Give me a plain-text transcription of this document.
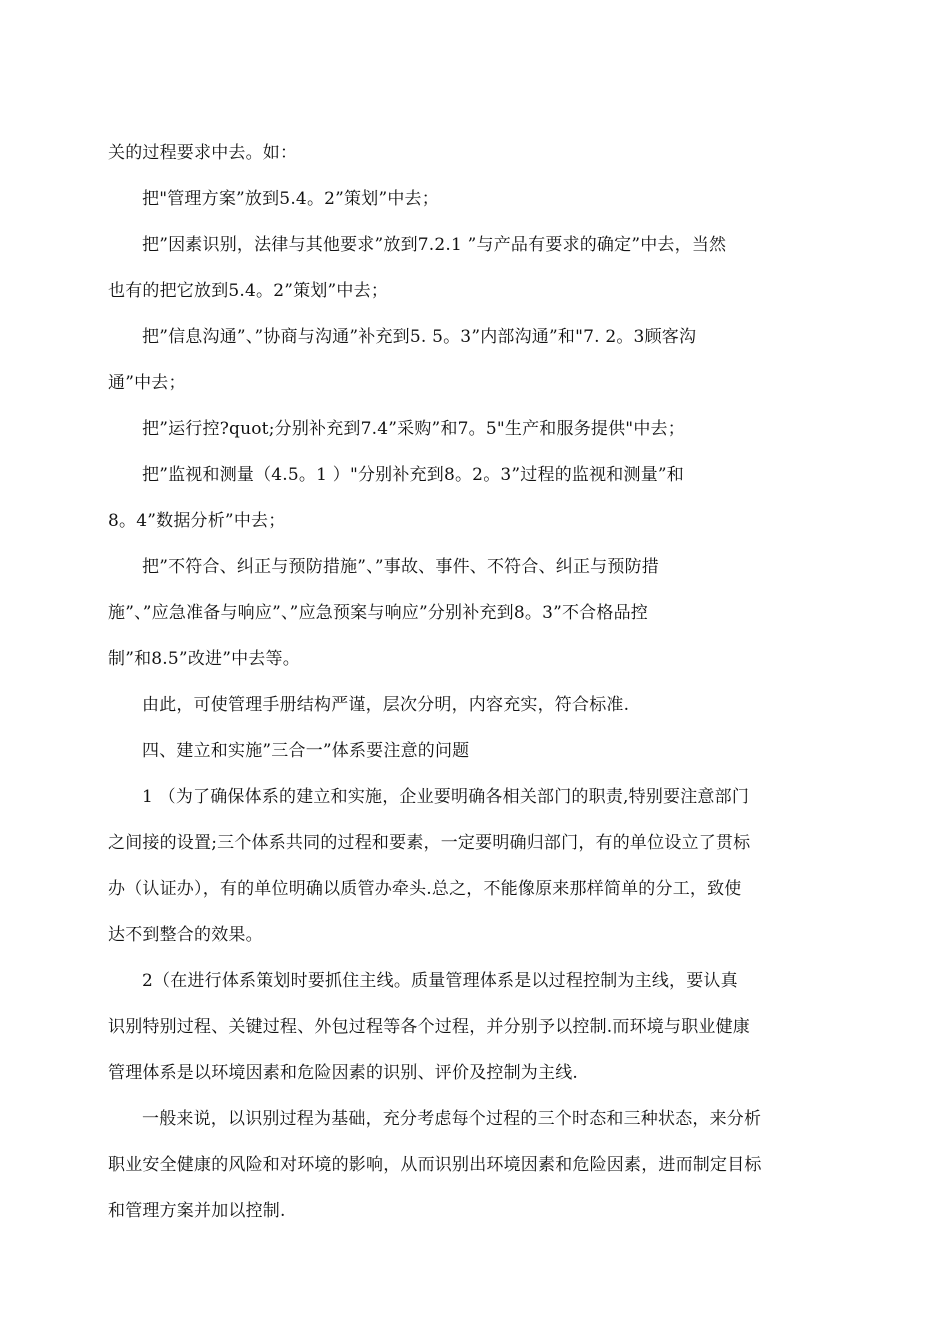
关的过程要求中去。如：
把"管理方案”放到5.4。2”策划”中去；
把”因素识别，法律与其他要求”放到7.2.1 ”与产品有要求的确定”中去，当然
也有的把它放到5.4。2”策划”中去；
把”信息沟通”、”协商与沟通”补充到5. 5。3”内部沟通”和"7. 2。3顾客沟
通”中去；
把”运行控?quot;分别补充到7.4”采购”和7。5"生产和服务提供"中去；
把”监视和测量（4.5。1 ）"分别补充到8。2。3”过程的监视和测量”和
8。4”数据分析”中去；
把”不符合、纠正与预防措施”、”事故、事件、不符合、纠正与预防措
施”、”应急准备与响应”、”应急预案与响应”分别补充到8。3”不合格品控
制”和8.5”改进”中去等。
由此，可使管理手册结构严谨，层次分明，内容充实，符合标准.
四、建立和实施”三合一”体系要注意的问题
1 （为了确保体系的建立和实施，企业要明确各相关部门的职责,特别要注意部门
之间接的设置;三个体系共同的过程和要素，一定要明确归部门，有的单位设立了贯标
办（认证办），有的单位明确以质管办牵头.总之，不能像原来那样简单的分工，致使
达不到整合的效果。
2（在进行体系策划时要抓住主线。质量管理体系是以过程控制为主线，要认真
识别特别过程、关键过程、外包过程等各个过程，并分别予以控制.而环境与职业健康
管理体系是以环境因素和危险因素的识别、评价及控制为主线.
一般来说，以识别过程为基础，充分考虑每个过程的三个时态和三种状态，来分析
职业安全健康的风险和对环境的影响，从而识别出环境因素和危险因素，进而制定目标
和管理方案并加以控制.
